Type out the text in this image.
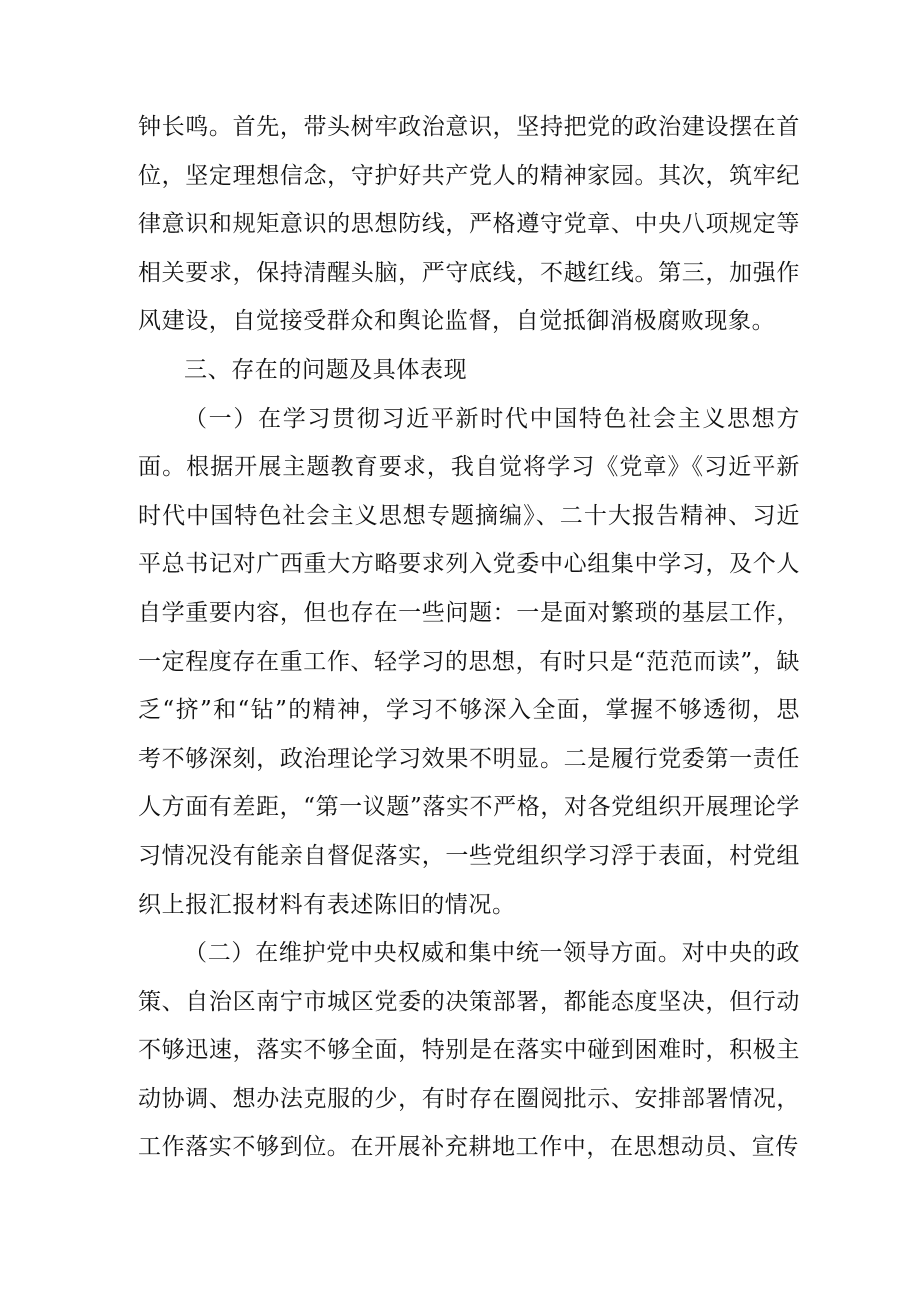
钟长鸣。首先，带头树牢政治意识，坚持把党的政治建设摆在首位，坚定理想信念，守护好共产党人的精神家园。其次，筑牢纪律意识和规矩意识的思想防线，严格遵守党章、中央八项规定等相关要求，保持清醒头脑，严守底线，不越红线。第三，加强作风建设，自觉接受群众和舆论监督，自觉抵御消极腐败现象。

三、存在的问题及具体表现

（一）在学习贯彻习近平新时代中国特色社会主义思想方面。根据开展主题教育要求，我自觉将学习《党章》《习近平新时代中国特色社会主义思想专题摘编》、二十大报告精神、习近平总书记对广西重大方略要求列入党委中心组集中学习，及个人自学重要内容，但也存在一些问题：一是面对繁琐的基层工作，一定程度存在重工作、轻学习的思想，有时只是“范范而读”，缺乏“挤”和“钻”的精神，学习不够深入全面，掌握不够透彻，思考不够深刻，政治理论学习效果不明显。二是履行党委第一责任人方面有差距，“第一议题”落实不严格，对各党组织开展理论学习情况没有能亲自督促落实，一些党组织学习浮于表面，村党组织上报汇报材料有表述陈旧的情况。

（二）在维护党中央权威和集中统一领导方面。对中央的政策、自治区南宁市城区党委的决策部署，都能态度坚决，但行动不够迅速，落实不够全面，特别是在落实中碰到困难时，积极主动协调、想办法克服的少，有时存在圈阅批示、安排部署情况，工作落实不够到位。在开展补充耕地工作中，在思想动员、宣传
